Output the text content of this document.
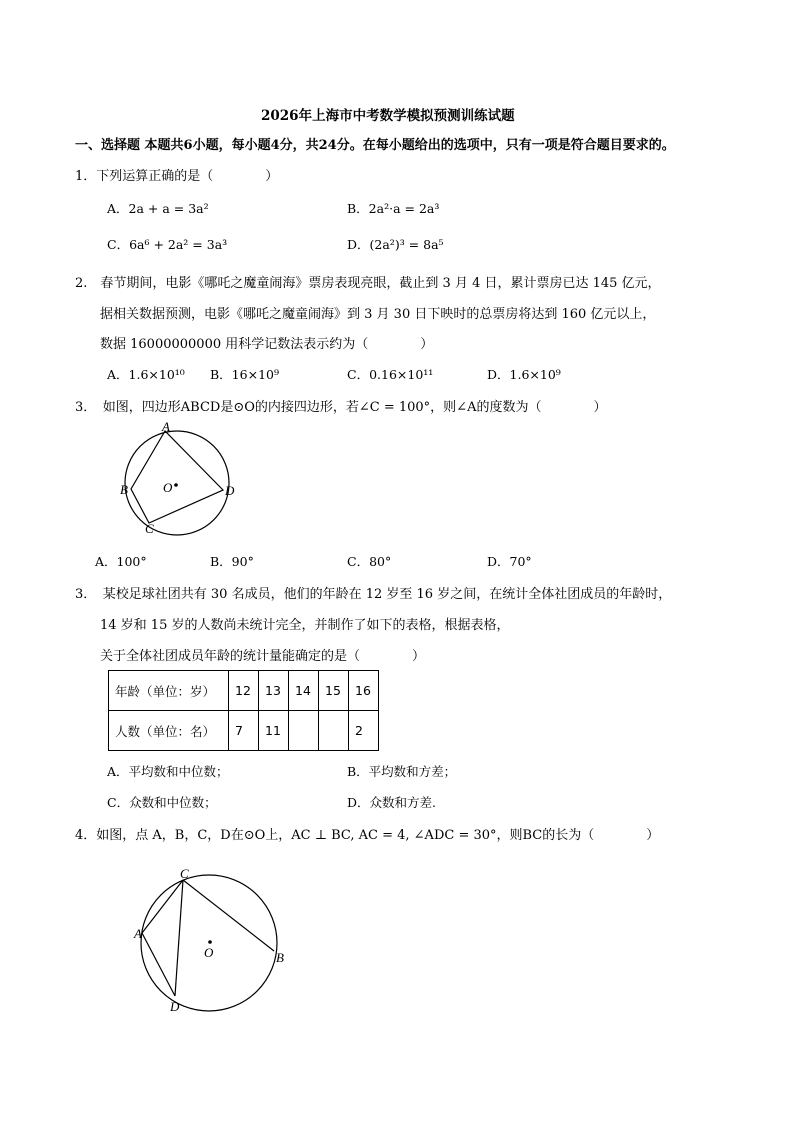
2026年上海市中考数学模拟预测训练试题
一、选择题 本题共6小题，每小题4分，共24分。在每小题给出的选项中，只有一项是符合题目要求的。
1．下列运算正确的是（　　　　）
A．2a + a = 3a²	B．2a²·a = 2a³
C．6a⁶ + 2a² = 3a³	D．(2a²)³ = 8a⁵
2.　春节期间，电影《哪吒之魔童闹海》票房表现亮眼，截止到 3 月 4 日，累计票房已达 145 亿元，
据相关数据预测，电影《哪吒之魔童闹海》到 3 月 30 日下映时的总票房将达到 160 亿元以上，
数据 16000000000 用科学记数法表示约为（　　　　）
A．1.6×10¹⁰ B．16×10⁹	C．0.16×10¹¹	D．1.6×10⁹
3．　如图，四边形ABCD是⊙O的内接四边形，若∠C = 100°，则∠A的度数为（　　　　）
A
B
C
D
O
A．100°	B．90°	C．80°	D．70°
3．　某校足球社团共有 30 名成员，他们的年龄在 12 岁至 16 岁之间，在统计全体社团成员的年龄时，
14 岁和 15 岁的人数尚未统计完全，并制作了如下的表格，根据表格，
关于全体社团成员年龄的统计量能确定的是（　　　　）
年龄（单位：岁）	12	13	14	15	16
人数（单位：名）	7	11			2
A．平均数和中位数；	B．平均数和方差；
C．众数和中位数；	D．众数和方差.
4．如图，点 A，B，C，D在⊙O上，AC ⊥ BC, AC = 4, ∠ADC = 30°，则BC的长为（　　　　）
C
A
B
D
O
